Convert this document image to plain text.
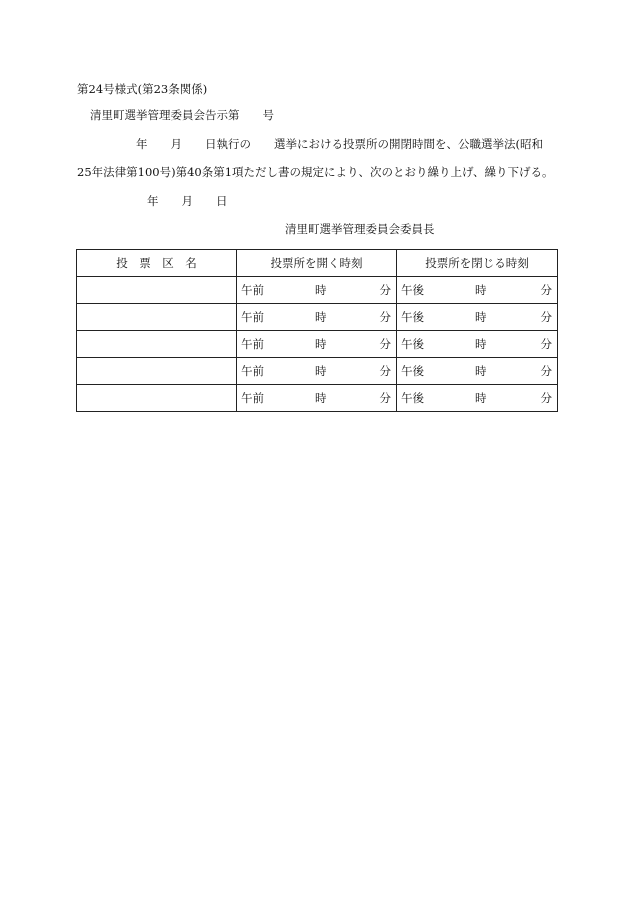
第24号様式(第23条関係)
清里町選挙管理委員会告示第　　号
年　　月　　日執行の　　選挙における投票所の開閉時間を、公職選挙法(昭和
25年法律第100号)第40条第1項ただし書の規定により、次のとおり繰り上げ、繰り下げる。
年　　月　　日
清里町選挙管理委員会委員長
投　票　区　名	投票所を開く時刻	投票所を閉じる時刻

	午前 時 分	午後 時 分

	午前 時 分	午後 時 分

	午前 時 分	午後 時 分

	午前 時 分	午後 時 分

	午前 時 分	午後 時 分
